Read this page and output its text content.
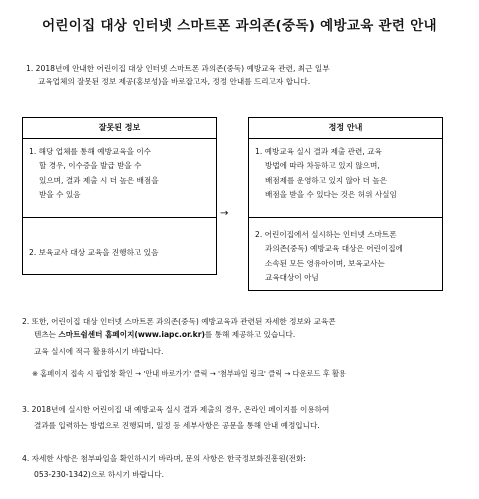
어린이집 대상 인터넷 스마트폰 과의존(중독) 예방교육 관련 안내
1. 2018년에 안내한 어린이집 대상 인터넷 스마트폰 과의존(중독) 예방교육 관련, 최근 일부
교육업체의 잘못된 정보 제공(홍보성)을 바로잡고자, 정정 안내를 드리고자 합니다.
잘못된 정보
1. 해당 업체를 통해 예방교육을 이수
할 경우, 이수증을 발급 받을 수
있으며, 결과 제출 시 더 높은 배점을
받을 수 있음
2. 보육교사 대상 교육을 진행하고 있음
→
정정 안내
1. 예방교육 실시 결과 제출 관련, 교육
방법에 따라 차등하고 있지 않으며,
배점제를 운영하고 있지 않아 더 높은
배점을 받을 수 있다는 것은 허위 사실임
2. 어린이집에서 실시하는 인터넷 스마트폰
과의존(중독) 예방교육 대상은 어린이집에
소속된 모든 영유아이며, 보육교사는
교육대상이 아님
2. 또한, 어린이집 대상 인터넷 스마트폰 과의존(중독) 예방교육과 관련된 자세한 정보와 교육콘
텐츠는 스마트쉼센터 홈페이지(www.iapc.or.kr)를 통해 제공하고 있습니다.
교육 실시에 적극 활용하시기 바랍니다.
※ 홈페이지 접속 시 팝업창 확인 → '안내 바로가기' 클릭 → '첨부파일 링크' 클릭 → 다운로드 후 활용
3. 2018년에 실시한 어린이집 내 예방교육 실시 결과 제출의 경우, 온라인 페이지를 이용하여
결과를 입력하는 방법으로 진행되며, 일정 등 세부사항은 공문을 통해 안내 예정입니다.
4. 자세한 사항은 첨부파일을 확인하시기 바라며, 문의 사항은 한국정보화진흥원(전화:
053-230-1342)으로 하시기 바랍니다.
